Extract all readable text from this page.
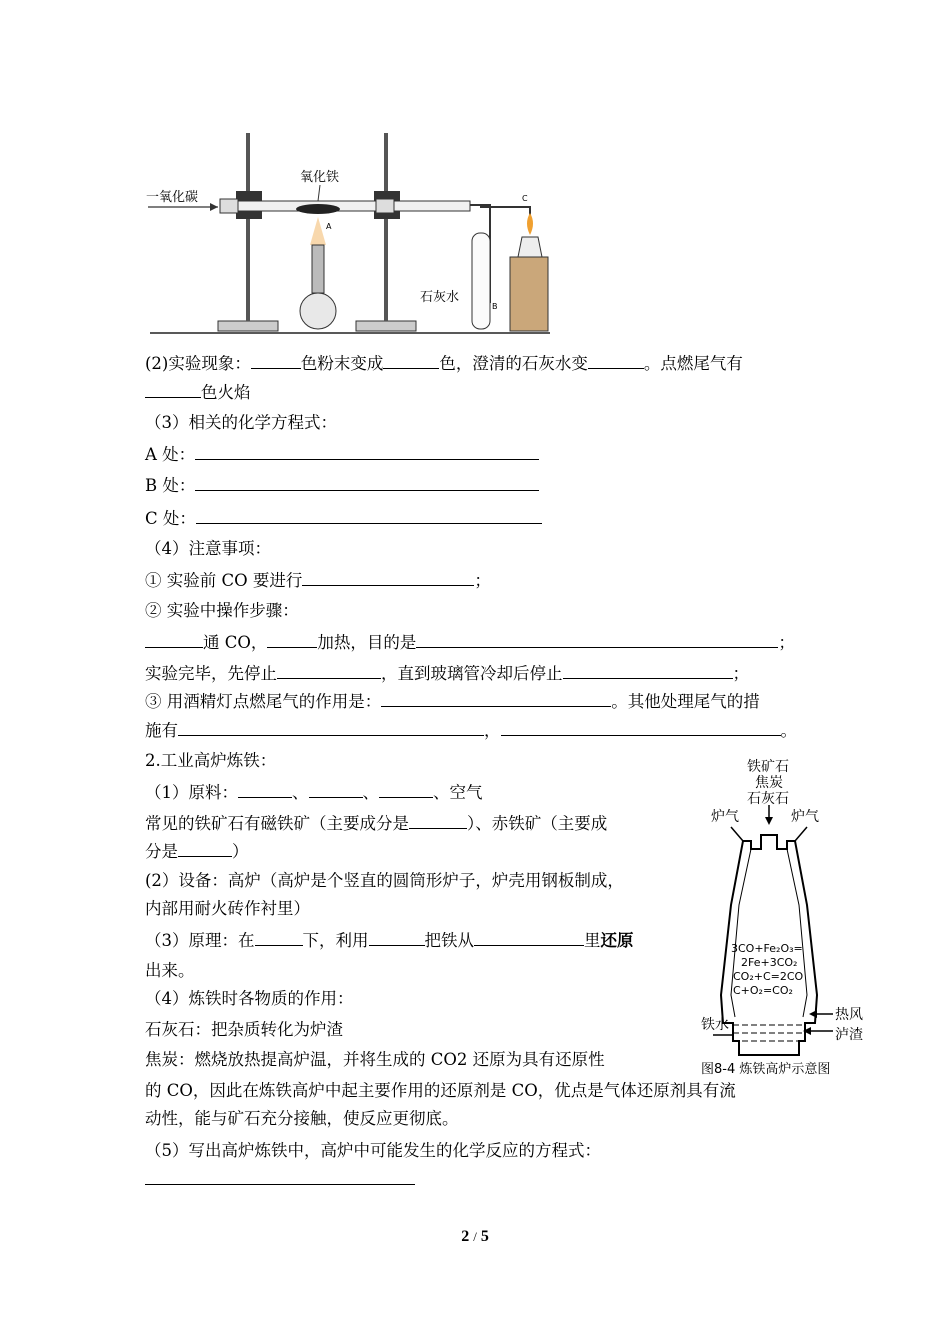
一氧化碳
氧化铁
A
B
石灰水
C
(2)实验现象：	色粉末变成	色，澄清的石灰水变	。点燃尾气有
色火焰
（3）相关的化学方程式：
A 处：
B 处：
C 处：
（4）注意事项：
① 实验前 CO 要进行	；
② 实验中操作步骤：
通 CO，	加热，目的是	；
实验完毕，先停止	，直到玻璃管冷却后停止	；
③ 用酒精灯点燃尾气的作用是：	。其他处理尾气的措
施有	，	。
2.工业高炉炼铁：
（1）原料：	、	、	、空气
常见的铁矿石有磁铁矿（主要成分是	）、赤铁矿（主要成
分是	）
(2）设备：高炉（高炉是个竖直的圆筒形炉子，炉壳用钢板制成，
内部用耐火砖作衬里）
（3）原理：在	下，利用	把铁从	里还原
出来。
（4）炼铁时各物质的作用：
石灰石：把杂质转化为炉渣
焦炭：燃烧放热提高炉温，并将生成的 CO2 还原为具有还原性
的 CO，因此在炼铁高炉中起主要作用的还原剂是 CO，优点是气体还原剂具有流
动性，能与矿石充分接触，使反应更彻底。
（5）写出高炉炼铁中，高炉中可能发生的化学反应的方程式：
铁矿石
焦炭
石灰石
炉气	炉气
3CO+Fe₂O₃=
2Fe+3CO₂
CO₂+C=2CO
C+O₂=CO₂
热风
泸渣
铁水
图8-4 炼铁高炉示意图
2 / 5
